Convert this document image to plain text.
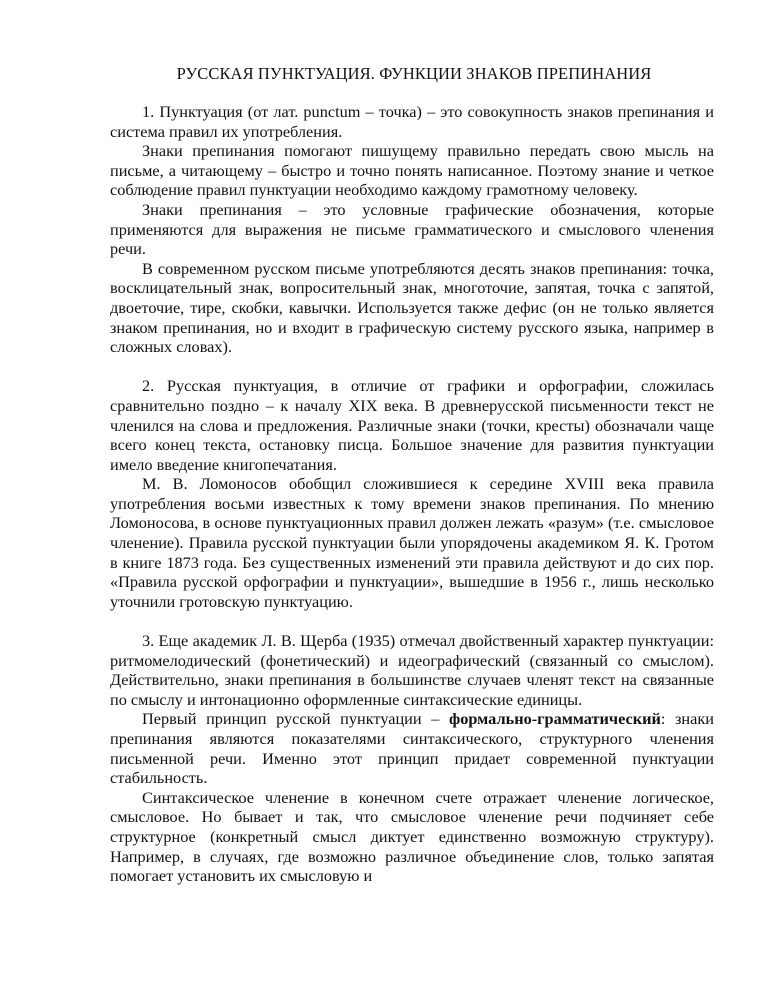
РУССКАЯ ПУНКТУАЦИЯ. ФУНКЦИИ ЗНАКОВ ПРЕПИНАНИЯ

1. Пунктуация (от лат. punctum – точка) – это совокупность знаков препинания и система правил их употребления.

Знаки препинания помогают пишущему правильно передать свою мысль на письме, а читающему – быстро и точно понять написанное. Поэтому знание и четкое соблюдение правил пунктуации необходимо каждому грамотному человеку.

Знаки препинания – это условные графические обозначения, которые применяются для выражения не письме грамматического и смыслового членения речи.

В современном русском письме употребляются десять знаков препинания: точка, восклицательный знак, вопросительный знак, многоточие, запятая, точка с запятой, двоеточие, тире, скобки, кавычки. Используется также дефис (он не только является знаком препинания, но и входит в графическую систему русского языка, например в сложных словах).

2. Русская пунктуация, в отличие от графики и орфографии, сложилась сравнительно поздно – к началу XIX века. В древнерусской письменности текст не членился на слова и предложения. Различные знаки (точки, кресты) обозначали чаще всего конец текста, остановку писца. Большое значение для развития пунктуации имело введение книгопечатания.

М. В. Ломоносов обобщил сложившиеся к середине XVIII века правила употребления восьми известных к тому времени знаков препинания. По мнению Ломоносова, в основе пунктуационных правил должен лежать «разум» (т.е. смысловое членение). Правила русской пунктуации были упорядочены академиком Я. К. Гротом в книге 1873 года. Без существенных изменений эти правила действуют и до сих пор. «Правила русской орфографии и пунктуации», вышедшие в 1956 г., лишь несколько уточнили гротовскую пунктуацию.

3. Еще академик Л. В. Щерба (1935) отмечал двойственный характер пунктуации: ритмомелодический (фонетический) и идеографический (связанный со смыслом). Действительно, знаки препинания в большинстве случаев членят текст на связанные по смыслу и интонационно оформленные синтаксические единицы.

Первый принцип русской пунктуации – формально-грамматический: знаки препинания являются показателями синтаксического, структурного членения письменной речи. Именно этот принцип придает современной пунктуации стабильность.

Синтаксическое членение в конечном счете отражает членение логическое, смысловое. Но бывает и так, что смысловое членение речи подчиняет себе структурное (конкретный смысл диктует единственно возможную структуру). Например, в случаях, где возможно различное объединение слов, только запятая помогает установить их смысловую и
